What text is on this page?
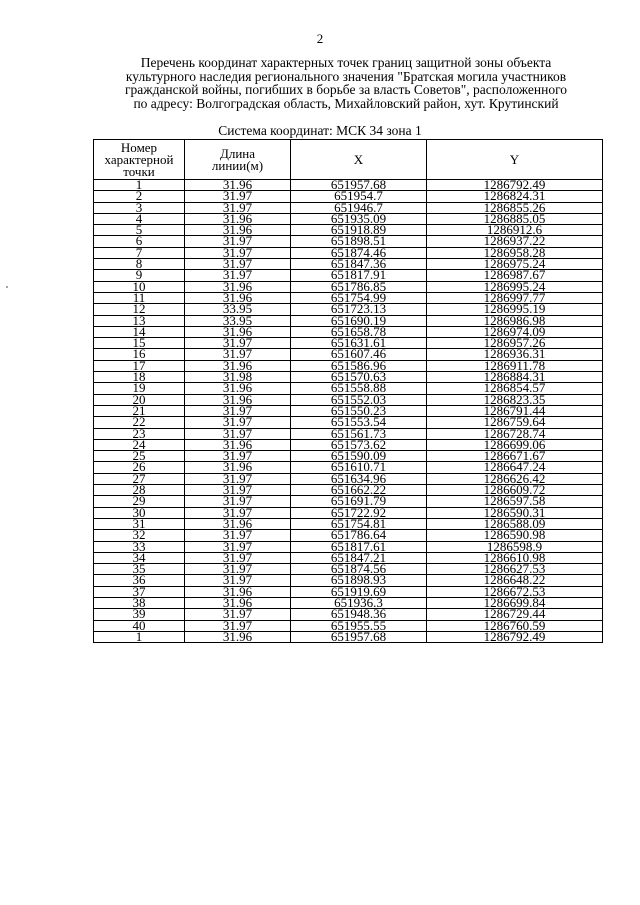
2
Перечень координат характерных точек границ защитной зоны объекта
культурного наследия регионального значения "Братская могила участников
гражданской войны, погибших в борьбе за власть Советов", расположенного
по адресу: Волгоградская область, Михайловский район, хут. Крутинский
Система координат: МСК 34 зона 1
Номер характерной точки	Длина линии(м)	X	Y
1	31.96	651957.68	1286792.49
2	31.97	651954.7	1286824.31
3	31.97	651946.7	1286855.26
4	31.96	651935.09	1286885.05
5	31.96	651918.89	1286912.6
6	31.97	651898.51	1286937.22
7	31.97	651874.46	1286958.28
8	31.97	651847.36	1286975.24
9	31.97	651817.91	1286987.67
10	31.96	651786.85	1286995.24
11	31.96	651754.99	1286997.77
12	33.95	651723.13	1286995.19
13	33.95	651690.19	1286986.98
14	31.96	651658.78	1286974.09
15	31.97	651631.61	1286957.26
16	31.97	651607.46	1286936.31
17	31.96	651586.96	1286911.78
18	31.98	651570.63	1286884.31
19	31.96	651558.88	1286854.57
20	31.96	651552.03	1286823.35
21	31.97	651550.23	1286791.44
22	31.97	651553.54	1286759.64
23	31.97	651561.73	1286728.74
24	31.96	651573.62	1286699.06
25	31.97	651590.09	1286671.67
26	31.96	651610.71	1286647.24
27	31.97	651634.96	1286626.42
28	31.97	651662.22	1286609.72
29	31.97	651691.79	1286597.58
30	31.97	651722.92	1286590.31
31	31.96	651754.81	1286588.09
32	31.97	651786.64	1286590.98
33	31.97	651817.61	1286598.9
34	31.97	651847.21	1286610.98
35	31.97	651874.56	1286627.53
36	31.97	651898.93	1286648.22
37	31.96	651919.69	1286672.53
38	31.96	651936.3	1286699.84
39	31.97	651948.36	1286729.44
40	31.97	651955.55	1286760.59
1	31.96	651957.68	1286792.49
